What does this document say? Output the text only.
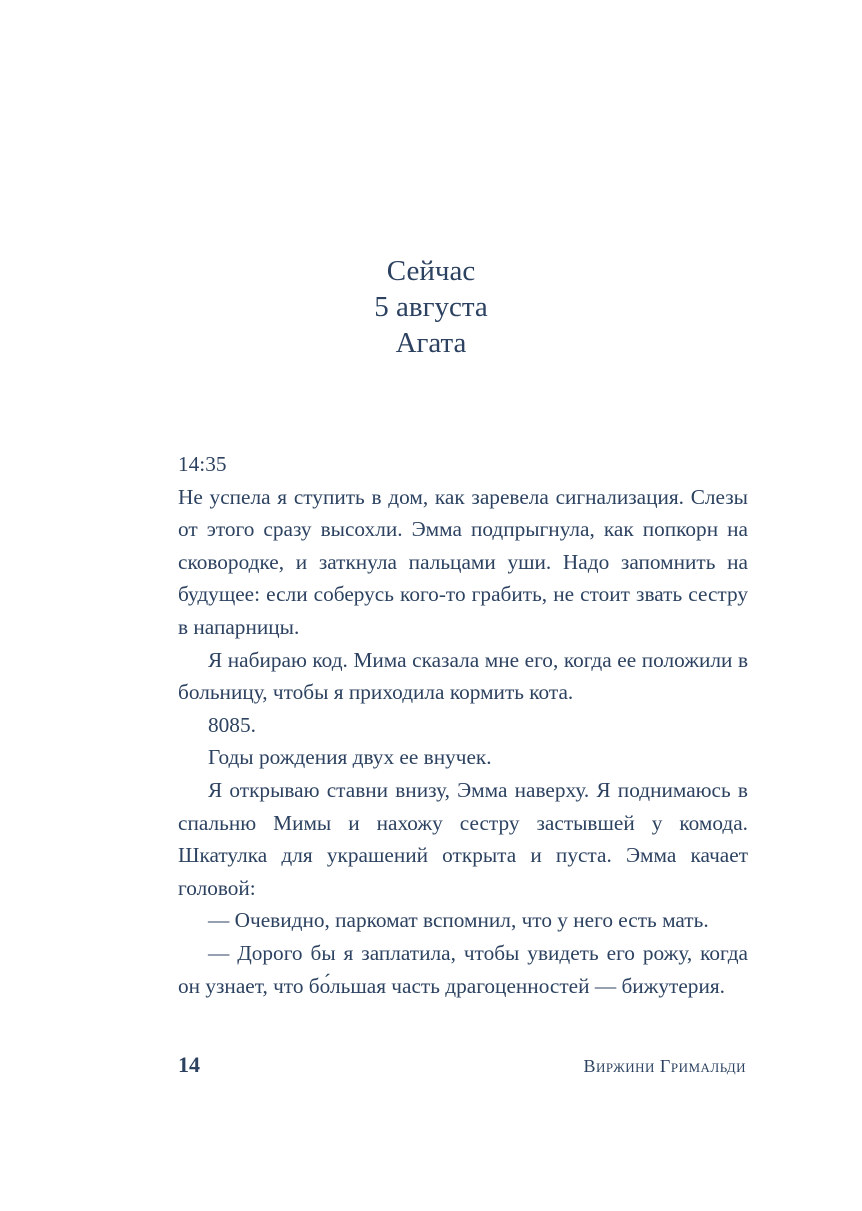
Сейчас
5 августа
Агата

14:35

Не успела я ступить в дом, как заревела сигнализация. Слезы от этого сразу высохли. Эмма подпрыгнула, как попкорн на сковородке, и заткнула пальцами уши. Надо запомнить на будущее: если соберусь кого-то грабить, не стоит звать сестру в напарницы.

Я набираю код. Мима сказала мне его, когда ее положили в больницу, чтобы я приходила кормить кота.

8085.

Годы рождения двух ее внучек.

Я открываю ставни внизу, Эмма наверху. Я поднимаюсь в спальню Мимы и нахожу сестру застывшей у комода. Шкатулка для украшений открыта и пуста. Эмма качает головой:

— Очевидно, паркомат вспомнил, что у него есть мать.

— Дорого бы я заплатила, чтобы увидеть его рожу, когда он узнает, что бо́льшая часть драгоценностей — бижутерия.

14	Виржини Гримальди
